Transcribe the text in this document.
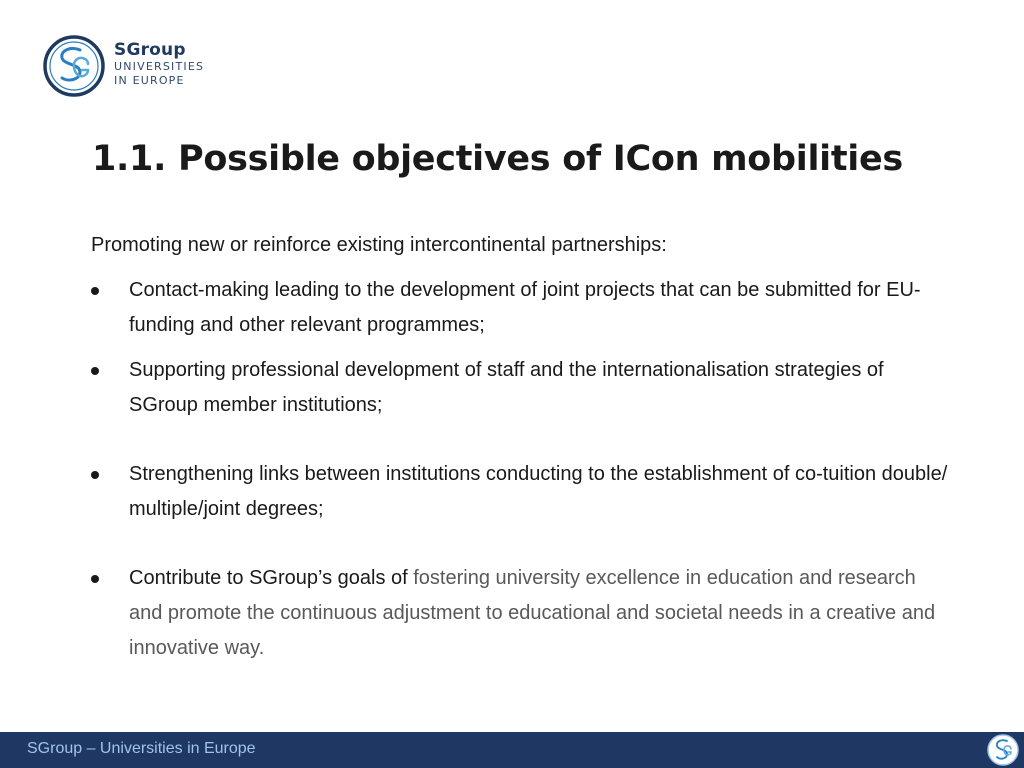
SGroup
UNIVERSITIES
IN EUROPE
1.1. Possible objectives of ICon mobilities

Promoting new or reinforce existing intercontinental partnerships:

Contact-making leading to the development of joint projects that can be submitted for EU-funding and other relevant programmes;
Supporting professional development of staff and the internationalisation strategies of SGroup member institutions;
Strengthening links between institutions conducting to the establishment of co-tuition double/ multiple/joint degrees;
Contribute to SGroup’s goals of fostering university excellence in education and research and promote the continuous adjustment to educational and societal needs in a creative and innovative way.
SGroup – Universities in Europe
